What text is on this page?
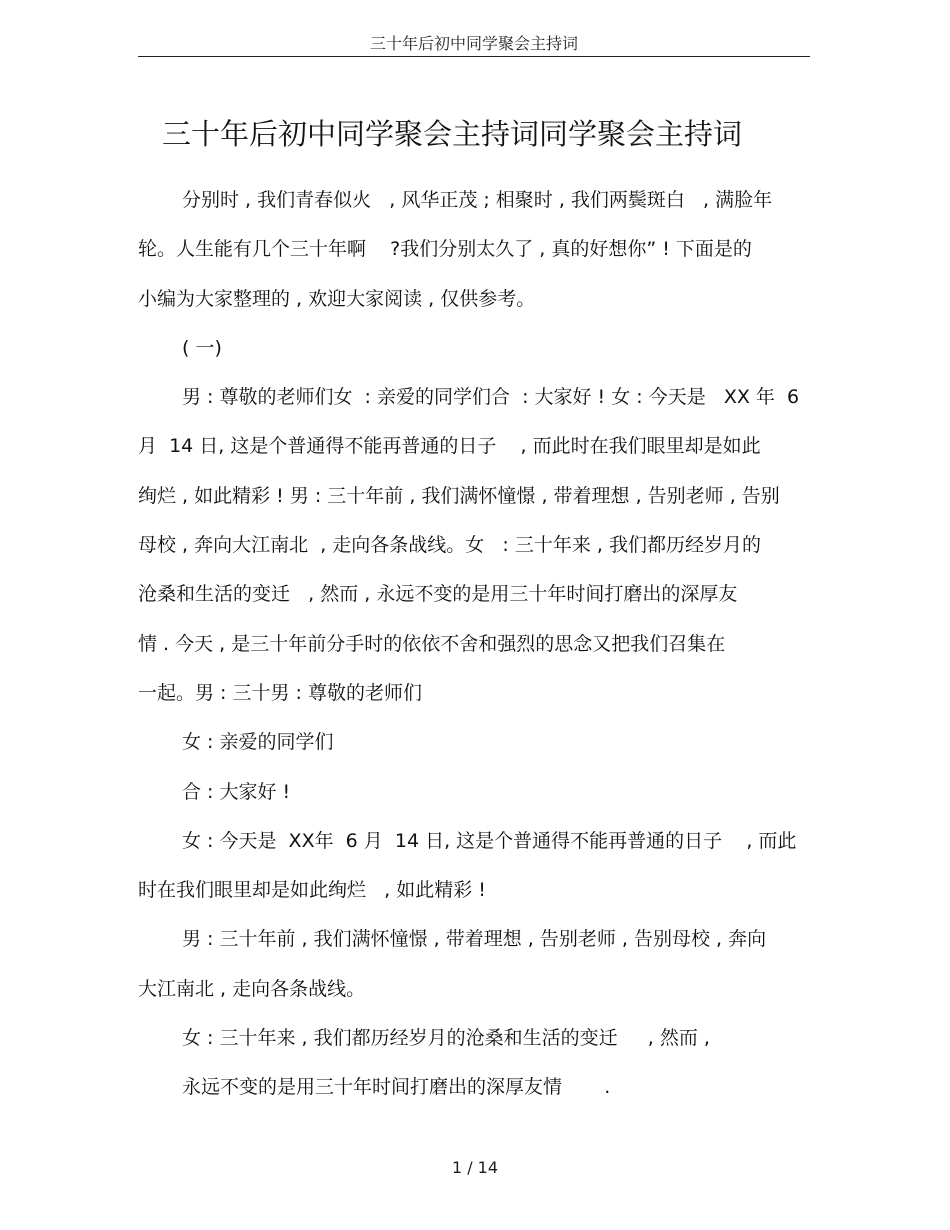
三十年后初中同学聚会主持词
三十年后初中同学聚会主持词同学聚会主持词
分别时 , 我们青春似火   , 风华正茂 ; 相聚时 , 我们两鬓斑白   , 满脸年
轮。人生能有几个三十年啊    ?我们分别太久了 , 真的好想你” ! 下面是的
小编为大家整理的 , 欢迎大家阅读 , 仅供参考。
( 一)
男 : 尊敬的老师们女  : 亲爱的同学们合  : 大家好 ! 女 : 今天是   XX 年  6
月  14 日, 这是个普通得不能再普通的日子    , 而此时在我们眼里却是如此
绚烂 , 如此精彩 ! 男 : 三十年前 , 我们满怀憧憬 , 带着理想 , 告别老师 , 告别
母校 , 奔向大江南北  , 走向各条战线。女   : 三十年来 , 我们都历经岁月的
沧桑和生活的变迁   , 然而 , 永远不变的是用三十年时间打磨出的深厚友
情 . 今天 , 是三十年前分手时的依依不舍和强烈的思念又把我们召集在
一起。男 : 三十男 : 尊敬的老师们
女 : 亲爱的同学们
合 : 大家好 !
女 : 今天是  XX年  6 月  14 日, 这是个普通得不能再普通的日子    , 而此
时在我们眼里却是如此绚烂   , 如此精彩 !
男 : 三十年前 , 我们满怀憧憬 , 带着理想 , 告别老师 , 告别母校 , 奔向
大江南北 , 走向各条战线。
女 : 三十年来 , 我们都历经岁月的沧桑和生活的变迁     , 然而 ,
永远不变的是用三十年时间打磨出的深厚友情       .
1 / 14
